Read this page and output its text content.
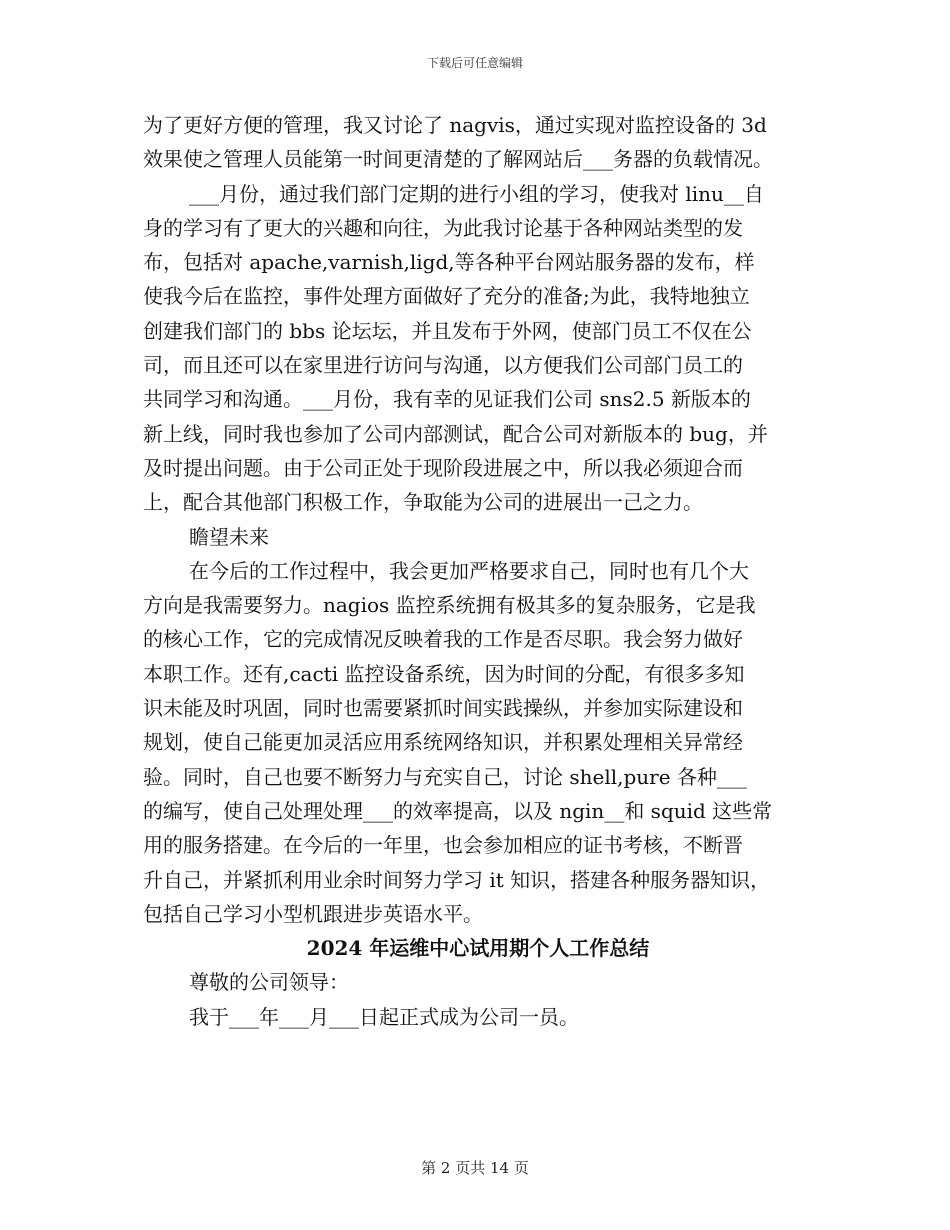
下载后可任意编辑
为了更好方便的管理，我又讨论了 nagvis，通过实现对监控设备的 3d
效果使之管理人员能第一时间更清楚的了解网站后___务器的负载情况。
___月份，通过我们部门定期的进行小组的学习，使我对 linu__自
身的学习有了更大的兴趣和向往，为此我讨论基于各种网站类型的发
布，包括对 apache,varnish,ligd,等各种平台网站服务器的发布，样
使我今后在监控，事件处理方面做好了充分的准备;为此，我特地独立
创建我们部门的 bbs 论坛坛，并且发布于外网，使部门员工不仅在公
司，而且还可以在家里进行访问与沟通，以方便我们公司部门员工的
共同学习和沟通。___月份，我有幸的见证我们公司 sns2.5 新版本的
新上线，同时我也参加了公司内部测试，配合公司对新版本的 bug，并
及时提出问题。由于公司正处于现阶段进展之中，所以我必须迎合而
上，配合其他部门积极工作，争取能为公司的进展出一己之力。
瞻望未来
在今后的工作过程中，我会更加严格要求自己，同时也有几个大
方向是我需要努力。nagios 监控系统拥有极其多的复杂服务，它是我
的核心工作，它的完成情况反映着我的工作是否尽职。我会努力做好
本职工作。还有,cacti 监控设备系统，因为时间的分配，有很多多知
识未能及时巩固，同时也需要紧抓时间实践操纵，并参加实际建设和
规划，使自己能更加灵活应用系统网络知识，并积累处理相关异常经
验。同时，自己也要不断努力与充实自己，讨论 shell,pure 各种___
的编写，使自己处理处理___的效率提高，以及 ngin__和 squid 这些常
用的服务搭建。在今后的一年里，也会参加相应的证书考核，不断晋
升自己，并紧抓利用业余时间努力学习 it 知识，搭建各种服务器知识，
包括自己学习小型机跟进步英语水平。
2024 年运维中心试用期个人工作总结
尊敬的公司领导：
我于___年___月___日起正式成为公司一员。
第 2 页共 14 页
